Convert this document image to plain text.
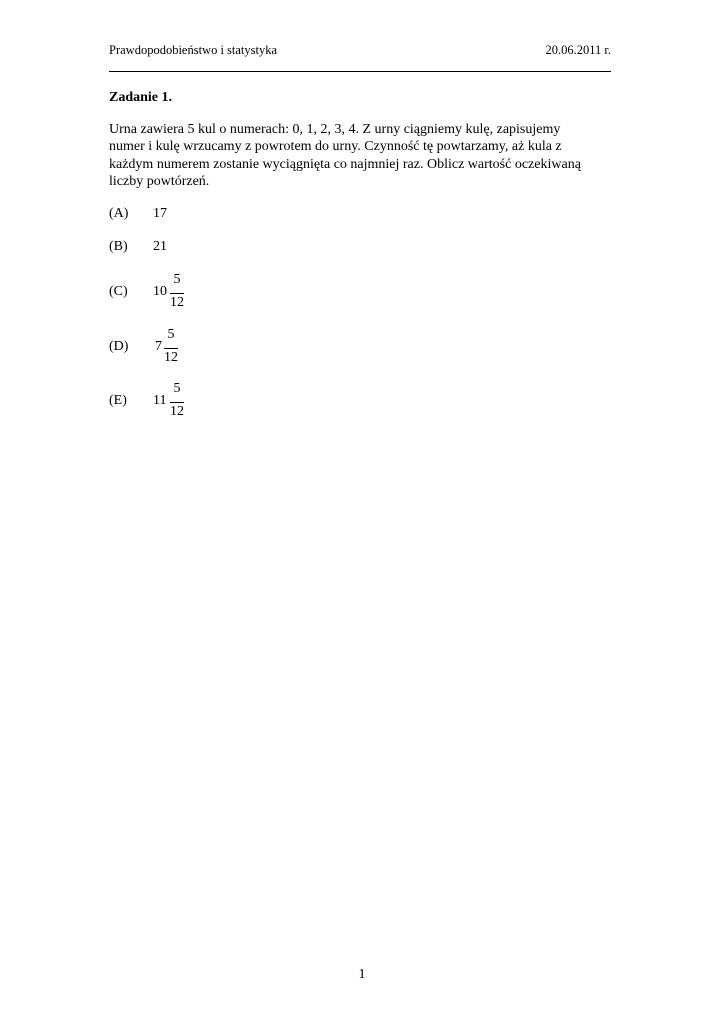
Prawdopodobieństwo i statystyka	20.06.2011 r.
Zadanie 1.
Urna zawiera 5 kul o numerach: 0, 1, 2, 3, 4. Z urny ciągniemy kulę, zapisujemy
numer i kulę wrzucamy z powrotem do urny. Czynność tę powtarzamy, aż kula z
każdym numerem zostanie wyciągnięta co najmniej raz. Oblicz wartość oczekiwaną
liczby powtórzeń.
(A) 17
(B) 21
(C) 10
5
12
(D) 7
5
12
(E) 11
5
12
1
